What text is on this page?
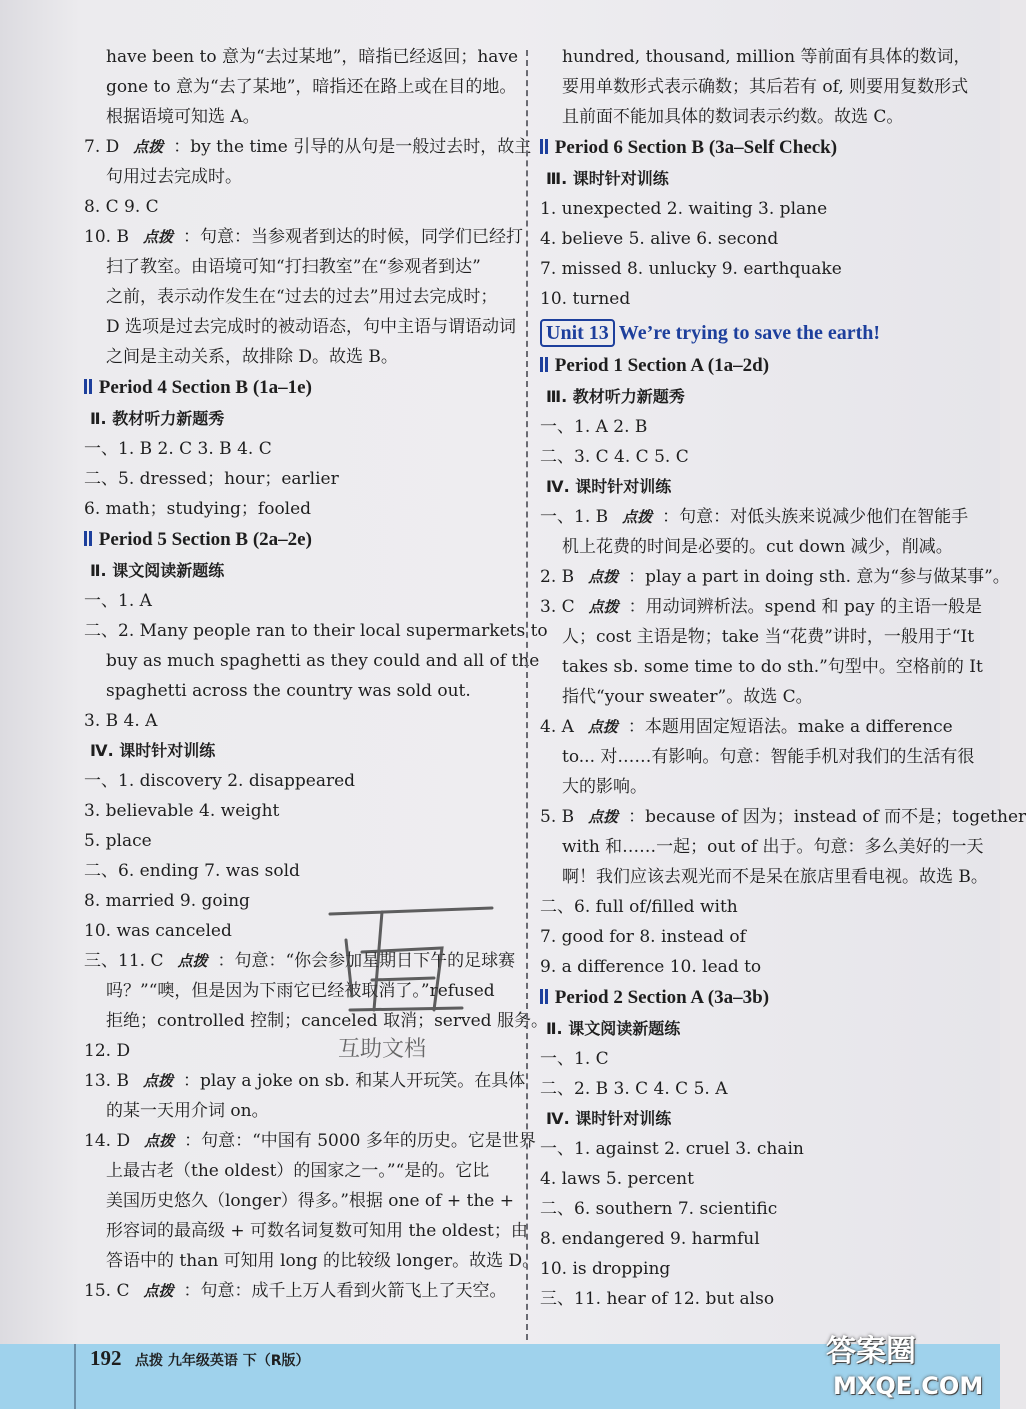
have been to 意为“去过某地”，暗指已经返回；have
gone to 意为“去了某地”，暗指还在路上或在目的地。
根据语境可知选 A。
7. D 点拨 ：by the time 引导的从句是一般过去时，故主
句用过去完成时。
8. C 9. C
10. B 点拨 ：句意：当参观者到达的时候，同学们已经打
扫了教室。由语境可知“打扫教室”在“参观者到达”
之前，表示动作发生在“过去的过去”用过去完成时；
D 选项是过去完成时的被动语态，句中主语与谓语动词
之间是主动关系，故排除 D。故选 B。
Period 4 Section B (1a–1e)
Ⅱ. 教材听力新题秀
一、1. B 2. C 3. B 4. C
二、5. dressed；hour；earlier
6. math；studying；fooled
Period 5 Section B (2a–2e)
Ⅱ. 课文阅读新题练
一、1. A
二、2. Many people ran to their local supermarkets to
buy as much spaghetti as they could and all of the
spaghetti across the country was sold out.
3. B 4. A
Ⅳ. 课时针对训练
一、1. discovery 2. disappeared
3. believable 4. weight
5. place
二、6. ending 7. was sold
8. married 9. going
10. was canceled
三、11. C 点拨 ：句意：“你会参加星期日下午的足球赛
吗？”“噢，但是因为下雨它已经被取消了。”refused
拒绝；controlled 控制；canceled 取消；served 服务。
12. D
13. B 点拨 ：play a joke on sb. 和某人开玩笑。在具体
的某一天用介词 on。
14. D 点拨 ：句意：“中国有 5000 多年的历史。它是世界
上最古老（the oldest）的国家之一。”“是的。它比
美国历史悠久（longer）得多。”根据 one of + the +
形容词的最高级 + 可数名词复数可知用 the oldest；由
答语中的 than 可知用 long 的比较级 longer。故选 D。
15. C 点拨 ：句意：成千上万人看到火箭飞上了天空。
hundred, thousand, million 等前面有具体的数词，
要用单数形式表示确数；其后若有 of, 则要用复数形式
且前面不能加具体的数词表示约数。故选 C。
Period 6 Section B (3a–Self Check)
Ⅲ. 课时针对训练
1. unexpected 2. waiting 3. plane
4. believe 5. alive 6. second
7. missed 8. unlucky 9. earthquake
10. turned
Unit 13 We’re trying to save the earth!
Period 1 Section A (1a–2d)
Ⅲ. 教材听力新题秀
一、1. A 2. B
二、3. C 4. C 5. C
Ⅳ. 课时针对训练
一、1. B 点拨 ：句意：对低头族来说减少他们在智能手
机上花费的时间是必要的。cut down 减少，削减。
2. B 点拨 ：play a part in doing sth. 意为“参与做某事”。
3. C 点拨 ：用动词辨析法。spend 和 pay 的主语一般是
人；cost 主语是物；take 当“花费”讲时，一般用于“It
takes sb. some time to do sth.”句型中。空格前的 It
指代“your sweater”。故选 C。
4. A 点拨 ：本题用固定短语法。make a difference
to... 对……有影响。句意：智能手机对我们的生活有很
大的影响。
5. B 点拨 ：because of 因为；instead of 而不是；together
with 和……一起；out of 出于。句意：多么美好的一天
啊！我们应该去观光而不是呆在旅店里看电视。故选 B。
二、6. full of/filled with
7. good for 8. instead of
9. a difference 10. lead to
Period 2 Section A (3a–3b)
Ⅱ. 课文阅读新题练
一、1. C
二、2. B 3. C 4. C 5. A
Ⅳ. 课时针对训练
一、1. against 2. cruel 3. chain
4. laws 5. percent
二、6. southern 7. scientific
8. endangered 9. harmful
10. is dropping
三、11. hear of 12. but also
互助文档
192 点拨 九年级英语 下（R版）	答案圈
MXQE.COM
